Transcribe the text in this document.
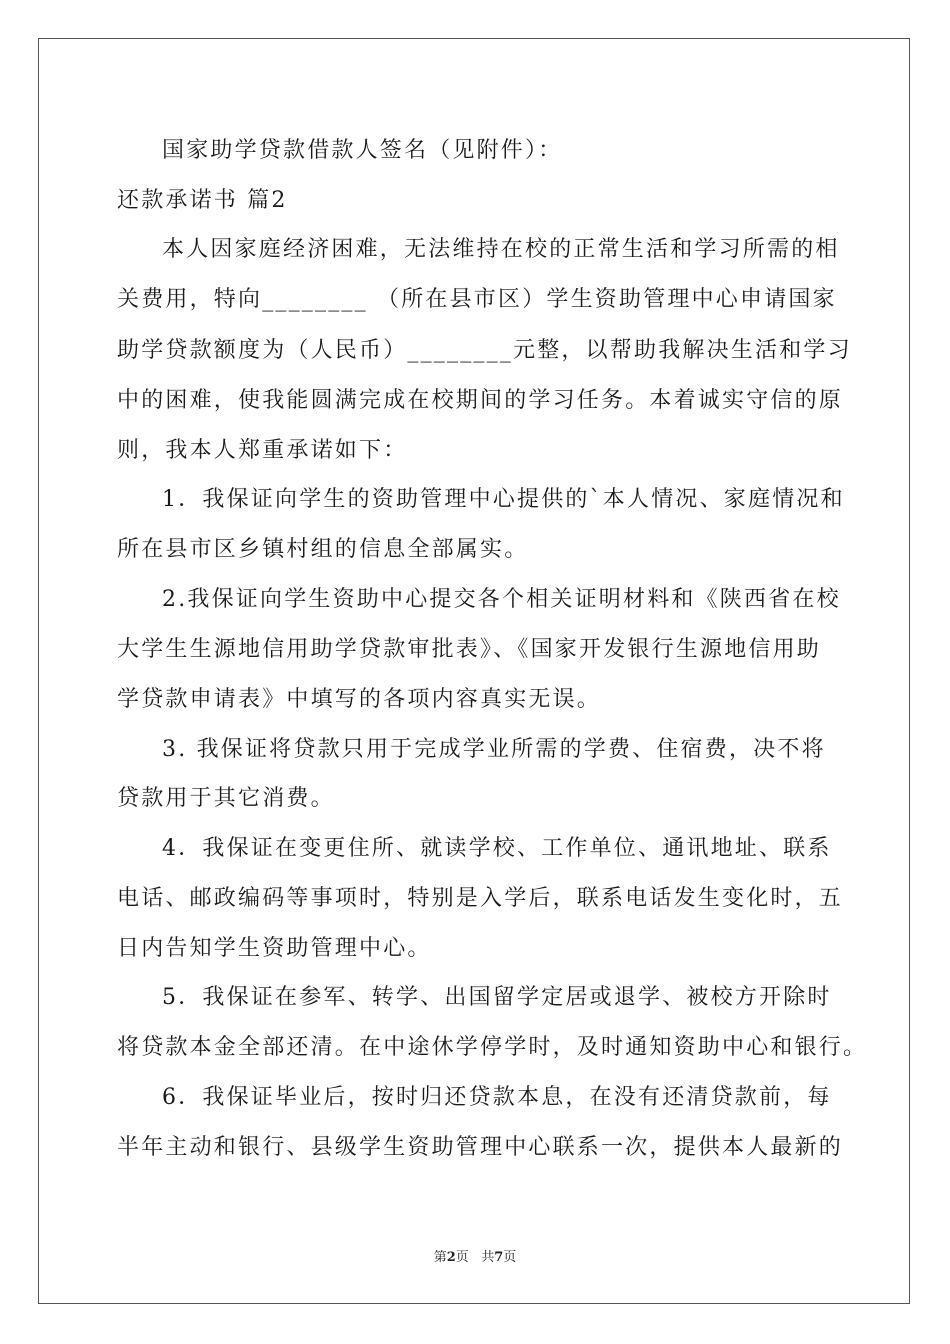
国家助学贷款借款人签名（见附件）：

还款承诺书 篇2

本人因家庭经济困难，无法维持在校的正常生活和学习所需的相

关费用，特向________ （所在县市区）学生资助管理中心申请国家

助学贷款额度为（人民币）________元整，以帮助我解决生活和学习

中的困难，使我能圆满完成在校期间的学习任务。本着诚实守信的原

则，我本人郑重承诺如下：

1．我保证向学生的资助管理中心提供的`本人情况、家庭情况和

所在县市区乡镇村组的信息全部属实。

2.我保证向学生资助中心提交各个相关证明材料和《陕西省在校

大学生生源地信用助学贷款审批表》、《国家开发银行生源地信用助

学贷款申请表》中填写的各项内容真实无误。

3. 我保证将贷款只用于完成学业所需的学费、住宿费，决不将

贷款用于其它消费。

4．我保证在变更住所、就读学校、工作单位、通讯地址、联系

电话、邮政编码等事项时，特别是入学后，联系电话发生变化时，五

日内告知学生资助管理中心。

5．我保证在参军、转学、出国留学定居或退学、被校方开除时

将贷款本金全部还清。在中途休学停学时，及时通知资助中心和银行。

6．我保证毕业后，按时归还贷款本息，在没有还清贷款前，每

半年主动和银行、县级学生资助管理中心联系一次，提供本人最新的

第2页 共7页
